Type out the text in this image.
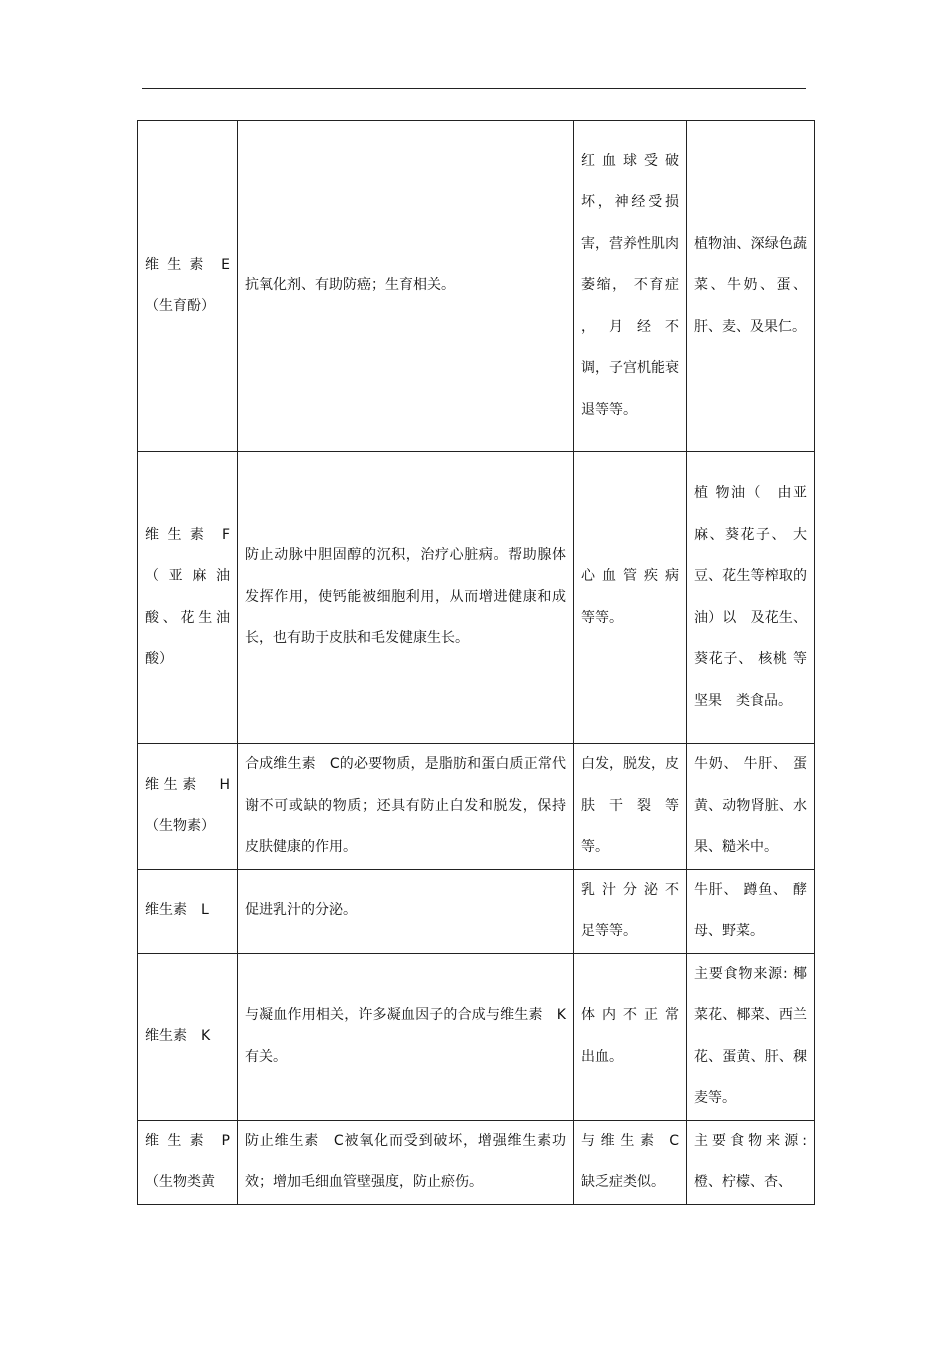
维 生 素　E（生育酚）	抗氧化剂、有助防癌；生育相关。	红 血 球 受 破 坏，神经受损害，营养性肌肉萎缩， 不育症 ， 月 经 不 调，子宫机能衰退等等。	植物油、深绿色蔬菜、牛奶、蛋、肝、麦、及果仁。
维 生 素　F（ 亚 麻 油 酸、花生油酸）	防止动脉中胆固醇的沉积，治疗心脏病。帮助腺体发挥作用，使钙能被细胞利用，从而增进健康和成长，也有助于皮肤和毛发健康生长。	心 血 管 疾 病 等等。	植 物油（　由亚麻、葵花子、 大豆、花生等榨取的 油）以　及花生、葵花子、 核桃 等坚果　类食品。
维生素　H（生物素）	合成维生素　C的必要物质，是脂肪和蛋白质正常代谢不可或缺的物质；还具有防止白发和脱发，保持皮肤健康的作用。	白发，脱发，皮 肤 干 裂 等 等。	牛奶、 牛肝、 蛋黄、动物肾脏、水果、糙米中。
维生素　L	促进乳汁的分泌。	乳 汁 分 泌 不 足等等。	牛肝、 蹲鱼、 酵母、野菜。
维生素　K	与凝血作用相关，许多凝血因子的合成与维生素　K有关。	体 内 不 正 常 出血。	主要食物来源: 椰菜花、椰菜、西兰花、蛋黄、肝、稞麦等。
维 生 素　P（生物类黄	防止维生素　C被氧化而受到破坏，增强维生素功效；增加毛细血管壁强度，防止瘀伤。	与 维 生 素　C缺乏症类似。	主要食物来源: 橙、柠檬、杏、
